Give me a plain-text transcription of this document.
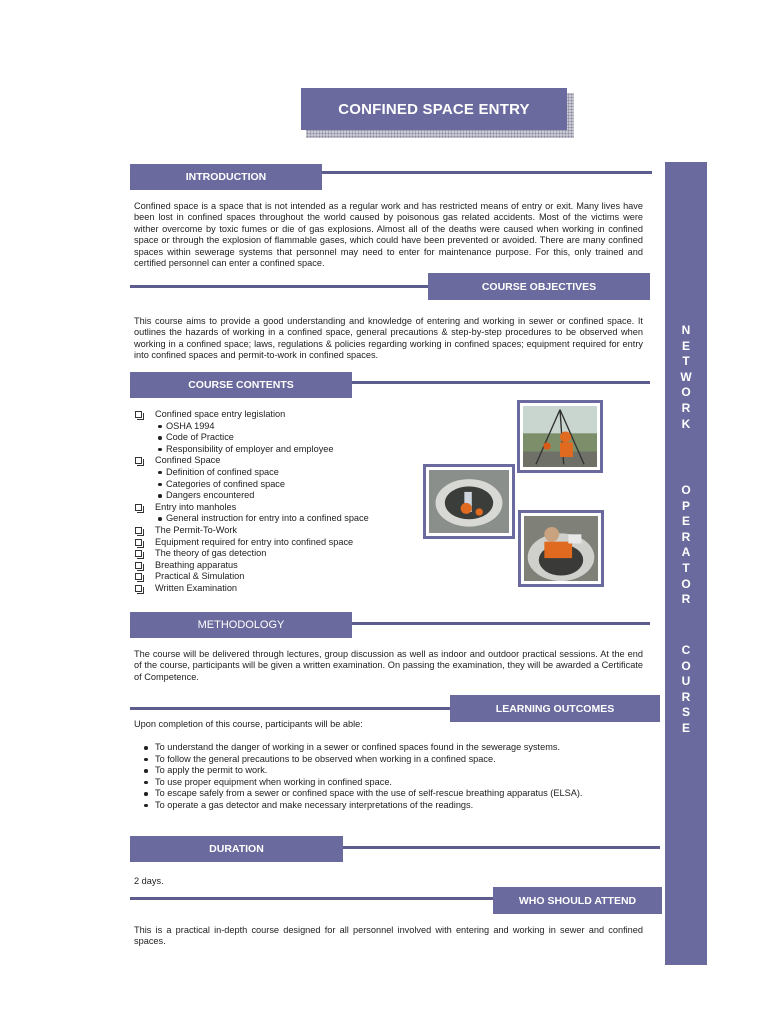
CONFINED SPACE ENTRY
N
E
T
W
O
R
K
O
P
E
R
A
T
O
R
C
O
U
R
S
E
INTRODUCTION
Confined space is a space that is not intended as a regular work and has restricted means of entry or exit. Many lives have been lost in confined spaces throughout the world caused by poisonous gas related accidents. Most of the victims were wither overcome by toxic fumes or die of gas explosions. Almost all of the deaths were caused when working in confined space or through the explosion of flammable gases, which could have been prevented or avoided. There are many confined spaces within sewerage systems that personnel may need to enter for maintenance purpose. For this, only trained and certified personnel can enter a confined space.
COURSE OBJECTIVES
This course aims to provide a good understanding and knowledge of entering and working in sewer or confined space. It outlines the hazards of working in a confined space, general precautions & step-by-step procedures to be observed when working in a confined space; laws, regulations & policies regarding working in confined spaces; equipment required for entry into confined spaces and permit-to-work in confined spaces.
COURSE CONTENTS
Confined space entry legislation
OSHA 1994
Code of Practice
Responsibility of employer and employee
Confined Space
Definition of confined space
Categories of confined space
Dangers encountered
Entry into manholes
General instruction for entry into a confined space
The Permit-To-Work
Equipment required for entry into confined space
The theory of gas detection
Breathing apparatus
Practical & Simulation
Written Examination
METHODOLOGY
The course will be delivered through lectures, group discussion as well as indoor and outdoor practical sessions. At the end of the course, participants will be given a written examination. On passing the examination, they will be awarded a Certificate of Competence.
LEARNING OUTCOMES
Upon completion of this course, participants will be able:
To understand the danger of working in a sewer or confined spaces found in the sewerage systems.
To follow the general precautions to be observed when working in a confined space.
To apply the permit to work.
To use proper equipment when working in confined space.
To escape safely from a sewer or confined space with the use of self-rescue breathing apparatus (ELSA).
To operate a gas detector and make necessary interpretations of the readings.
DURATION
2 days.
WHO SHOULD ATTEND
This is a practical in-depth course designed for all personnel involved with entering and working in sewer and confined spaces.
